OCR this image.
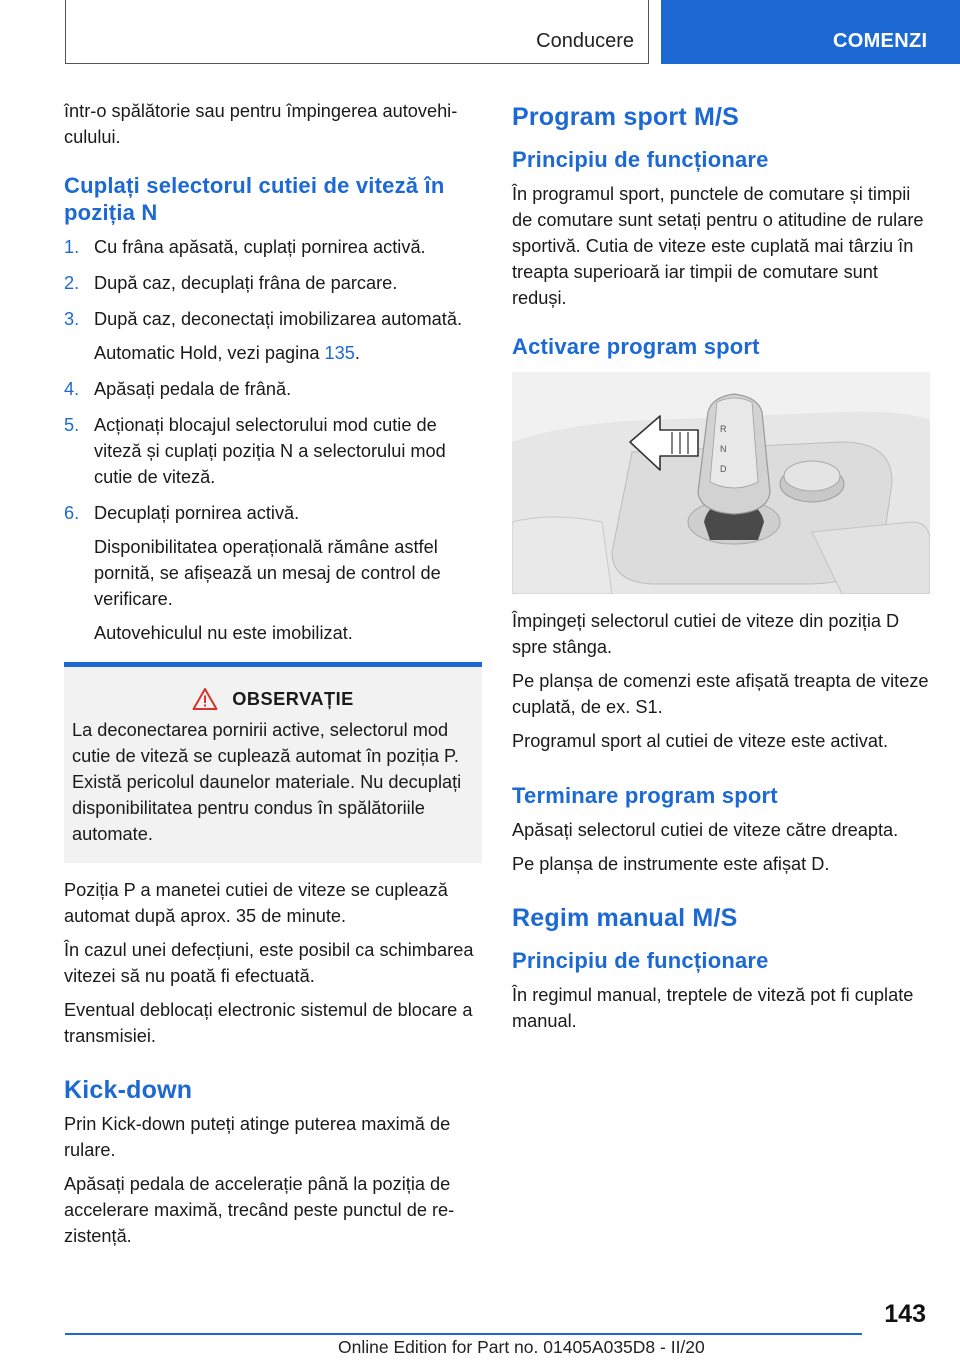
Conducere	COMENZI

într-o spălătorie sau pentru împingerea autovehiculului.

Cuplați selectorul cutiei de viteză în poziția N
1. Cu frâna apăsată, cuplați pornirea activă.
2. După caz, decuplați frâna de parcare.
3. După caz, deconectați imobilizarea automată.
Automatic Hold, vezi pagina 135.
4. Apăsați pedala de frână.
5. Acționați blocajul selectorului mod cutie de viteză și cuplați poziția N a selectorului mod cutie de viteză.
6. Decuplați pornirea activă.
Disponibilitatea operațională rămâne astfel pornită, se afișează un mesaj de control de verificare.
Autovehiculul nu este imobilizat.
OBSERVAȚIE

La deconectarea pornirii active, selectorul mod cutie de viteză se cuplează automat în poziția P. Există pericolul daunelor materiale. Nu decuplați disponibilitatea pentru condus în spălătoriile automate.

Poziția P a manetei cutiei de viteze se cuplează automat după aprox. 35 de minute.

În cazul unei defecțiuni, este posibil ca schimbarea vitezei să nu poată fi efectuată.

Eventual deblocați electronic sistemul de blocare a transmisiei.

Kick-down

Prin Kick-down puteți atinge puterea maximă de rulare.

Apăsați pedala de accelerație până la poziția de accelerare maximă, trecând peste punctul de rezistență.

Program sport M/S
Principiu de funcționare

În programul sport, punctele de comutare și timpii de comutare sunt setați pentru o atitudine de rulare sportivă. Cutia de viteze este cuplată mai târziu în treapta superioară iar timpii de comutare sunt reduși.

Activare program sport
R
N
D

Împingeți selectorul cutiei de viteze din poziția D spre stânga.

Pe planșa de comenzi este afișată treapta de viteze cuplată, de ex. S1.

Programul sport al cutiei de viteze este activat.

Terminare program sport

Apăsați selectorul cutiei de viteze către dreapta.

Pe planșa de instrumente este afișat D.

Regim manual M/S
Principiu de funcționare

În regimul manual, treptele de viteză pot fi cuplate manual.

143
Online Edition for Part no. 01405A035D8 - II/20
